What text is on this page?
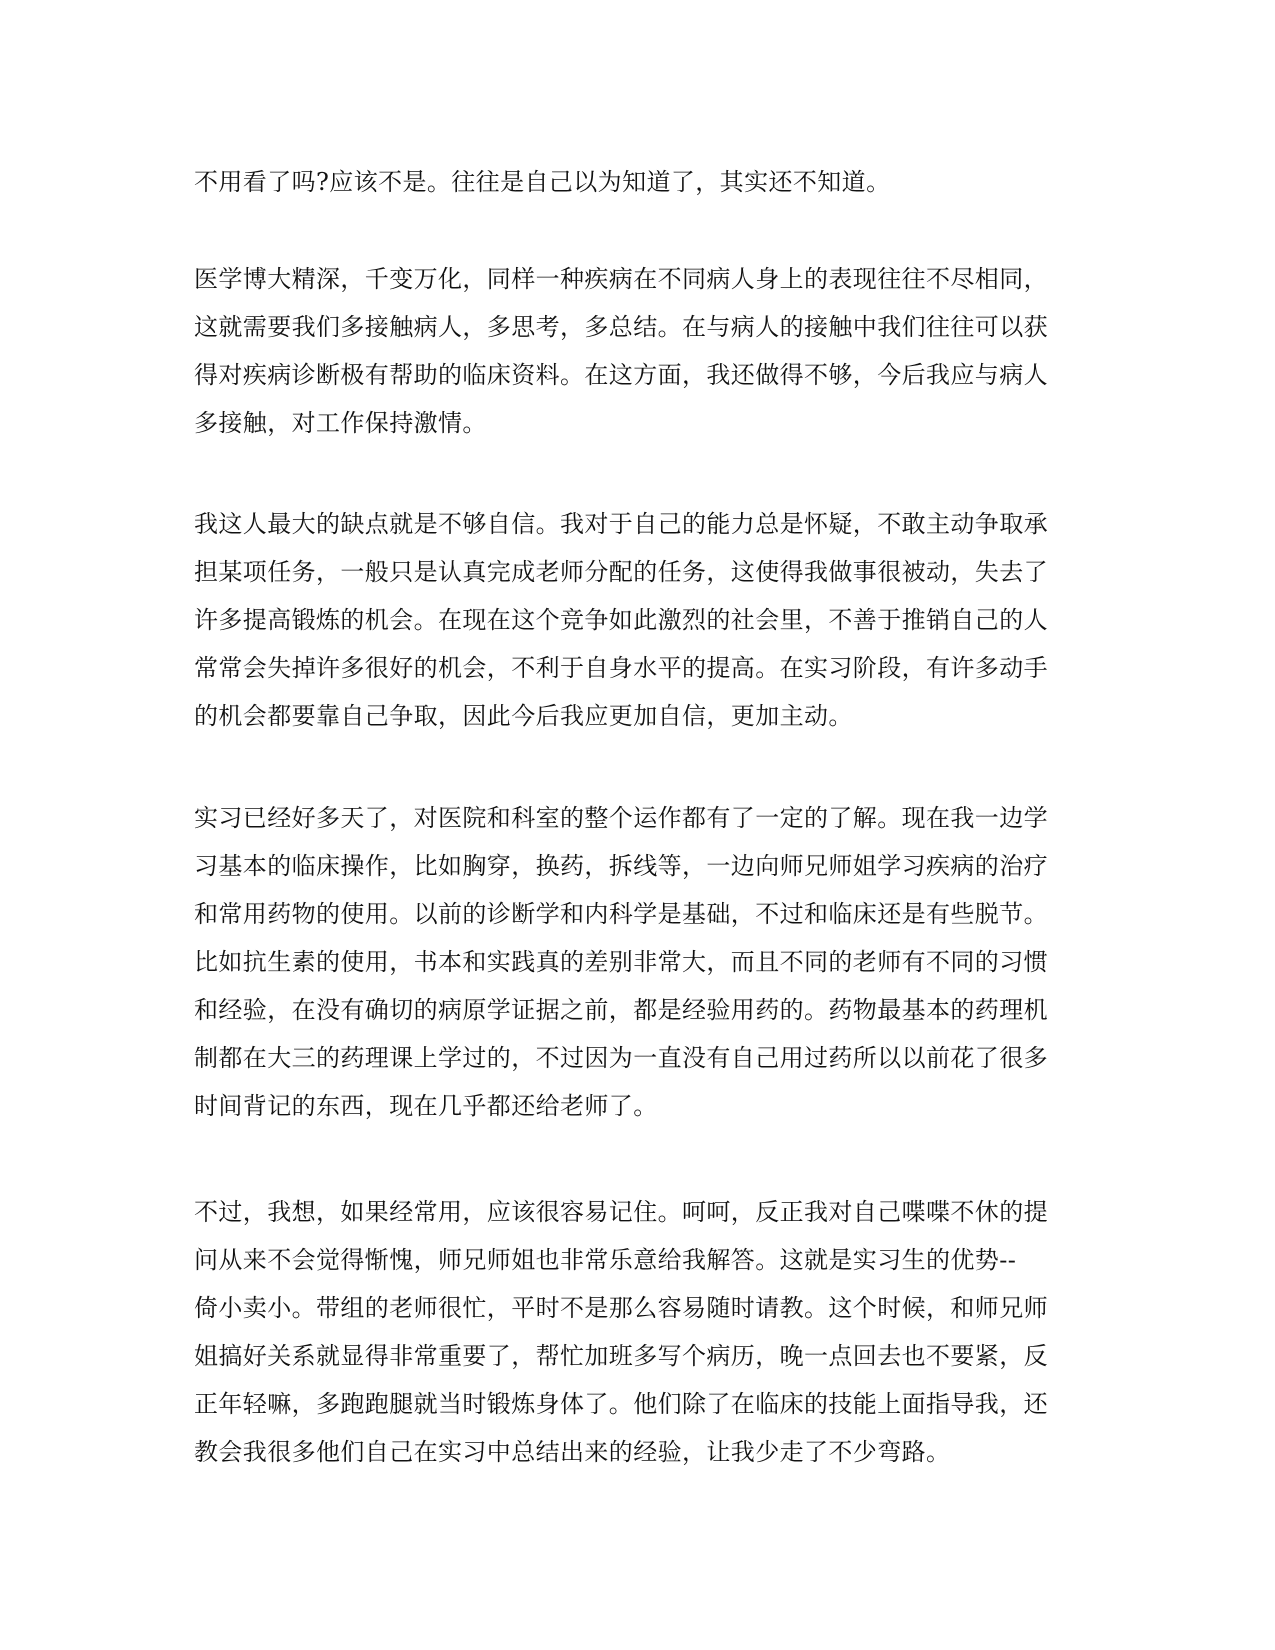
不用看了吗?应该不是。往往是自己以为知道了，其实还不知道。
医学博大精深，千变万化，同样一种疾病在不同病人身上的表现往往不尽相同，
这就需要我们多接触病人，多思考，多总结。在与病人的接触中我们往往可以获
得对疾病诊断极有帮助的临床资料。在这方面，我还做得不够，今后我应与病人
多接触，对工作保持激情。
我这人最大的缺点就是不够自信。我对于自己的能力总是怀疑，不敢主动争取承
担某项任务，一般只是认真完成老师分配的任务，这使得我做事很被动，失去了
许多提高锻炼的机会。在现在这个竞争如此激烈的社会里，不善于推销自己的人
常常会失掉许多很好的机会，不利于自身水平的提高。在实习阶段，有许多动手
的机会都要靠自己争取，因此今后我应更加自信，更加主动。
实习已经好多天了，对医院和科室的整个运作都有了一定的了解。现在我一边学
习基本的临床操作，比如胸穿，换药，拆线等，一边向师兄师姐学习疾病的治疗
和常用药物的使用。以前的诊断学和内科学是基础，不过和临床还是有些脱节。
比如抗生素的使用，书本和实践真的差别非常大，而且不同的老师有不同的习惯
和经验，在没有确切的病原学证据之前，都是经验用药的。药物最基本的药理机
制都在大三的药理课上学过的，不过因为一直没有自己用过药所以以前花了很多
时间背记的东西，现在几乎都还给老师了。
不过，我想，如果经常用，应该很容易记住。呵呵，反正我对自己喋喋不休的提
问从来不会觉得惭愧，师兄师姐也非常乐意给我解答。这就是实习生的优势--
倚小卖小。带组的老师很忙，平时不是那么容易随时请教。这个时候，和师兄师
姐搞好关系就显得非常重要了，帮忙加班多写个病历，晚一点回去也不要紧，反
正年轻嘛，多跑跑腿就当时锻炼身体了。他们除了在临床的技能上面指导我，还
教会我很多他们自己在实习中总结出来的经验，让我少走了不少弯路。
